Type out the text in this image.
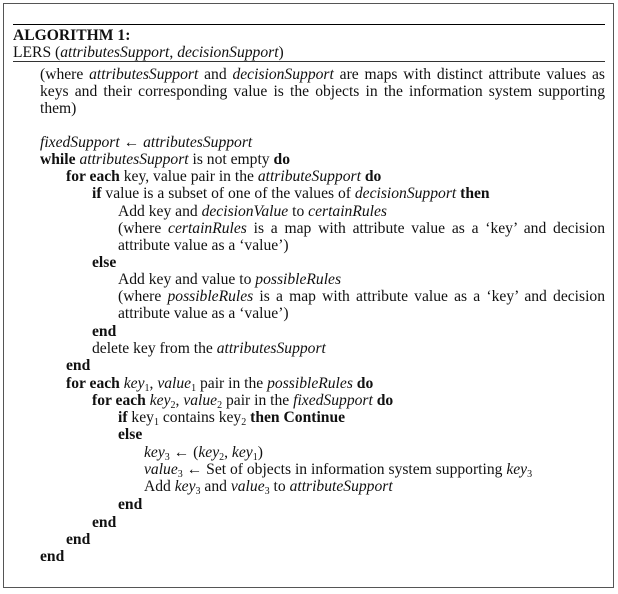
ALGORITHM 1:
LERS (attributesSupport, decisionSupport)
(where attributesSupport and decisionSupport are maps with distinct attribute values as keys and their corresponding value is the objects in the information system supporting them)
fixedSupport ← attributesSupport
while attributesSupport is not empty do
for each key, value pair in the attributeSupport do
if value is a subset of one of the values of decisionSupport then
Add key and decisionValue to certainRules
(where certainRules is a map with attribute value as a ‘key’ and decision attribute value as a ‘value’)
else
Add key and value to possibleRules
(where possibleRules is a map with attribute value as a ‘key’ and decision attribute value as a ‘value’)
end
delete key from the attributesSupport
end
for each key$_1$, value$_1$ pair in the possibleRules do
for each key$_2$, value$_2$ pair in the fixedSupport do
if key$_1$ contains key$_2$ then Continue
else
key$_3$ ← (key$_2$, key$_1$)
value$_3$ ← Set of objects in information system supporting key$_3$
Add key$_3$ and value$_3$ to attributeSupport
end
end
end
end
